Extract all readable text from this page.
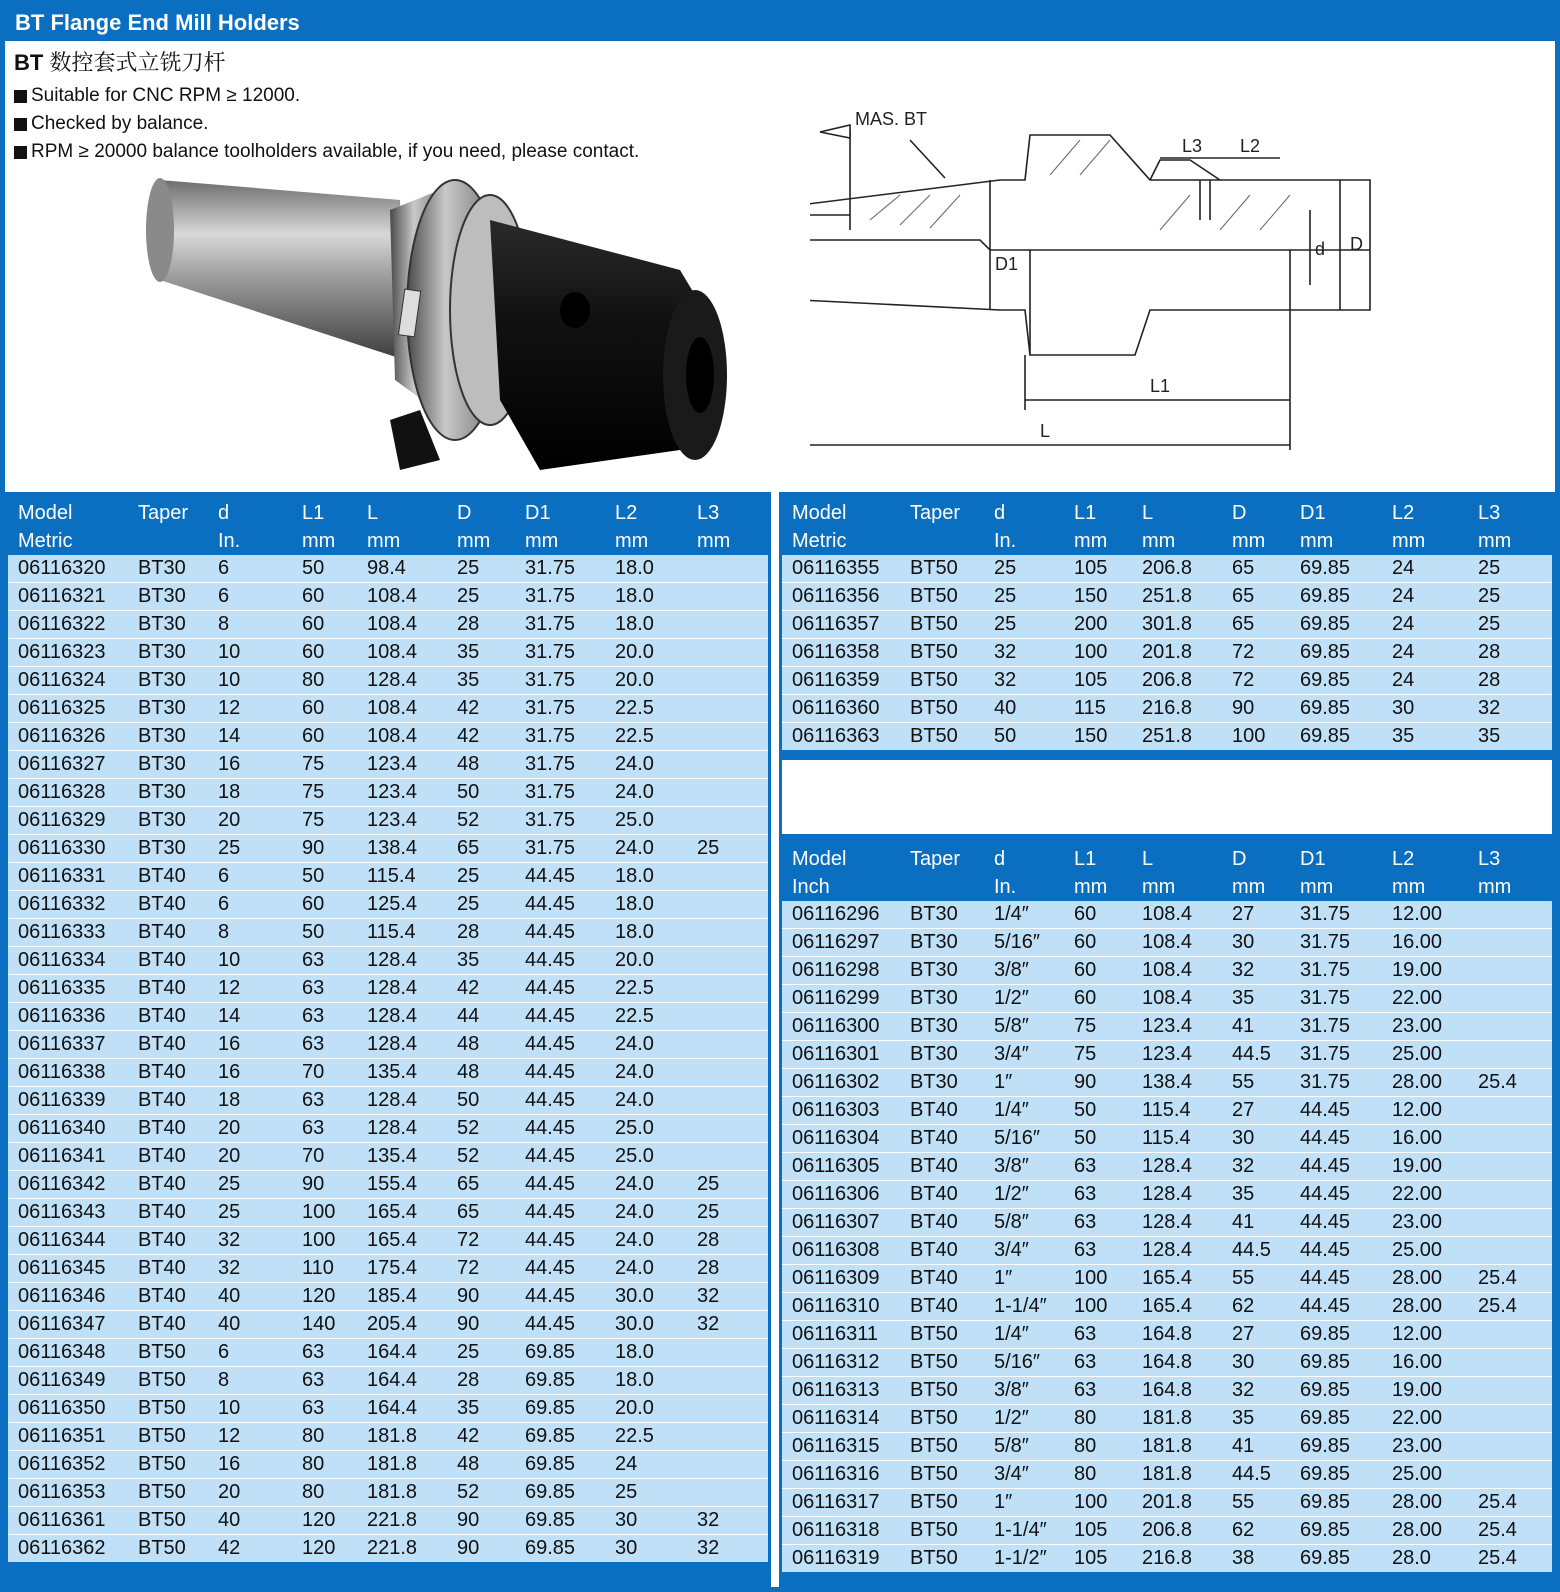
BT Flange End Mill Holders
BT 数控套式立铣刀杆
Suitable for CNC RPM ≥ 12000.
Checked by balance.
RPM ≥ 20000 balance toolholders available, if you need, please contact.
MAS. BT
L3 L2
d D
D1
L1
L
Model	Taper	d	L1	L	D	D1	L2	L3
Metric		In.	mm	mm	mm	mm	mm	mm
06116320	BT30	6	50	98.4	25	31.75	18.0	
06116321	BT30	6	60	108.4	25	31.75	18.0	
06116322	BT30	8	60	108.4	28	31.75	18.0	
06116323	BT30	10	60	108.4	35	31.75	20.0	
06116324	BT30	10	80	128.4	35	31.75	20.0	
06116325	BT30	12	60	108.4	42	31.75	22.5	
06116326	BT30	14	60	108.4	42	31.75	22.5	
06116327	BT30	16	75	123.4	48	31.75	24.0	
06116328	BT30	18	75	123.4	50	31.75	24.0	
06116329	BT30	20	75	123.4	52	31.75	25.0	
06116330	BT30	25	90	138.4	65	31.75	24.0	25
06116331	BT40	6	50	115.4	25	44.45	18.0	
06116332	BT40	6	60	125.4	25	44.45	18.0	
06116333	BT40	8	50	115.4	28	44.45	18.0	
06116334	BT40	10	63	128.4	35	44.45	20.0	
06116335	BT40	12	63	128.4	42	44.45	22.5	
06116336	BT40	14	63	128.4	44	44.45	22.5	
06116337	BT40	16	63	128.4	48	44.45	24.0	
06116338	BT40	16	70	135.4	48	44.45	24.0	
06116339	BT40	18	63	128.4	50	44.45	24.0	
06116340	BT40	20	63	128.4	52	44.45	25.0	
06116341	BT40	20	70	135.4	52	44.45	25.0	
06116342	BT40	25	90	155.4	65	44.45	24.0	25
06116343	BT40	25	100	165.4	65	44.45	24.0	25
06116344	BT40	32	100	165.4	72	44.45	24.0	28
06116345	BT40	32	110	175.4	72	44.45	24.0	28
06116346	BT40	40	120	185.4	90	44.45	30.0	32
06116347	BT40	40	140	205.4	90	44.45	30.0	32
06116348	BT50	6	63	164.4	25	69.85	18.0	
06116349	BT50	8	63	164.4	28	69.85	18.0	
06116350	BT50	10	63	164.4	35	69.85	20.0	
06116351	BT50	12	80	181.8	42	69.85	22.5	
06116352	BT50	16	80	181.8	48	69.85	24	
06116353	BT50	20	80	181.8	52	69.85	25	
06116361	BT50	40	120	221.8	90	69.85	30	32
06116362	BT50	42	120	221.8	90	69.85	30	32
Model	Taper	d	L1	L	D	D1	L2	L3
Metric		In.	mm	mm	mm	mm	mm	mm
06116355	BT50	25	105	206.8	65	69.85	24	25
06116356	BT50	25	150	251.8	65	69.85	24	25
06116357	BT50	25	200	301.8	65	69.85	24	25
06116358	BT50	32	100	201.8	72	69.85	24	28
06116359	BT50	32	105	206.8	72	69.85	24	28
06116360	BT50	40	115	216.8	90	69.85	30	32
06116363	BT50	50	150	251.8	100	69.85	35	35
Model	Taper	d	L1	L	D	D1	L2	L3
Inch		In.	mm	mm	mm	mm	mm	mm
06116296	BT30	1/4″	60	108.4	27	31.75	12.00	
06116297	BT30	5/16″	60	108.4	30	31.75	16.00	
06116298	BT30	3/8″	60	108.4	32	31.75	19.00	
06116299	BT30	1/2″	60	108.4	35	31.75	22.00	
06116300	BT30	5/8″	75	123.4	41	31.75	23.00	
06116301	BT30	3/4″	75	123.4	44.5	31.75	25.00	
06116302	BT30	1″	90	138.4	55	31.75	28.00	25.4
06116303	BT40	1/4″	50	115.4	27	44.45	12.00	
06116304	BT40	5/16″	50	115.4	30	44.45	16.00	
06116305	BT40	3/8″	63	128.4	32	44.45	19.00	
06116306	BT40	1/2″	63	128.4	35	44.45	22.00	
06116307	BT40	5/8″	63	128.4	41	44.45	23.00	
06116308	BT40	3/4″	63	128.4	44.5	44.45	25.00	
06116309	BT40	1″	100	165.4	55	44.45	28.00	25.4
06116310	BT40	1-1/4″	100	165.4	62	44.45	28.00	25.4
06116311	BT50	1/4″	63	164.8	27	69.85	12.00	
06116312	BT50	5/16″	63	164.8	30	69.85	16.00	
06116313	BT50	3/8″	63	164.8	32	69.85	19.00	
06116314	BT50	1/2″	80	181.8	35	69.85	22.00	
06116315	BT50	5/8″	80	181.8	41	69.85	23.00	
06116316	BT50	3/4″	80	181.8	44.5	69.85	25.00	
06116317	BT50	1″	100	201.8	55	69.85	28.00	25.4
06116318	BT50	1-1/4″	105	206.8	62	69.85	28.00	25.4
06116319	BT50	1-1/2″	105	216.8	38	69.85	28.0	25.4
